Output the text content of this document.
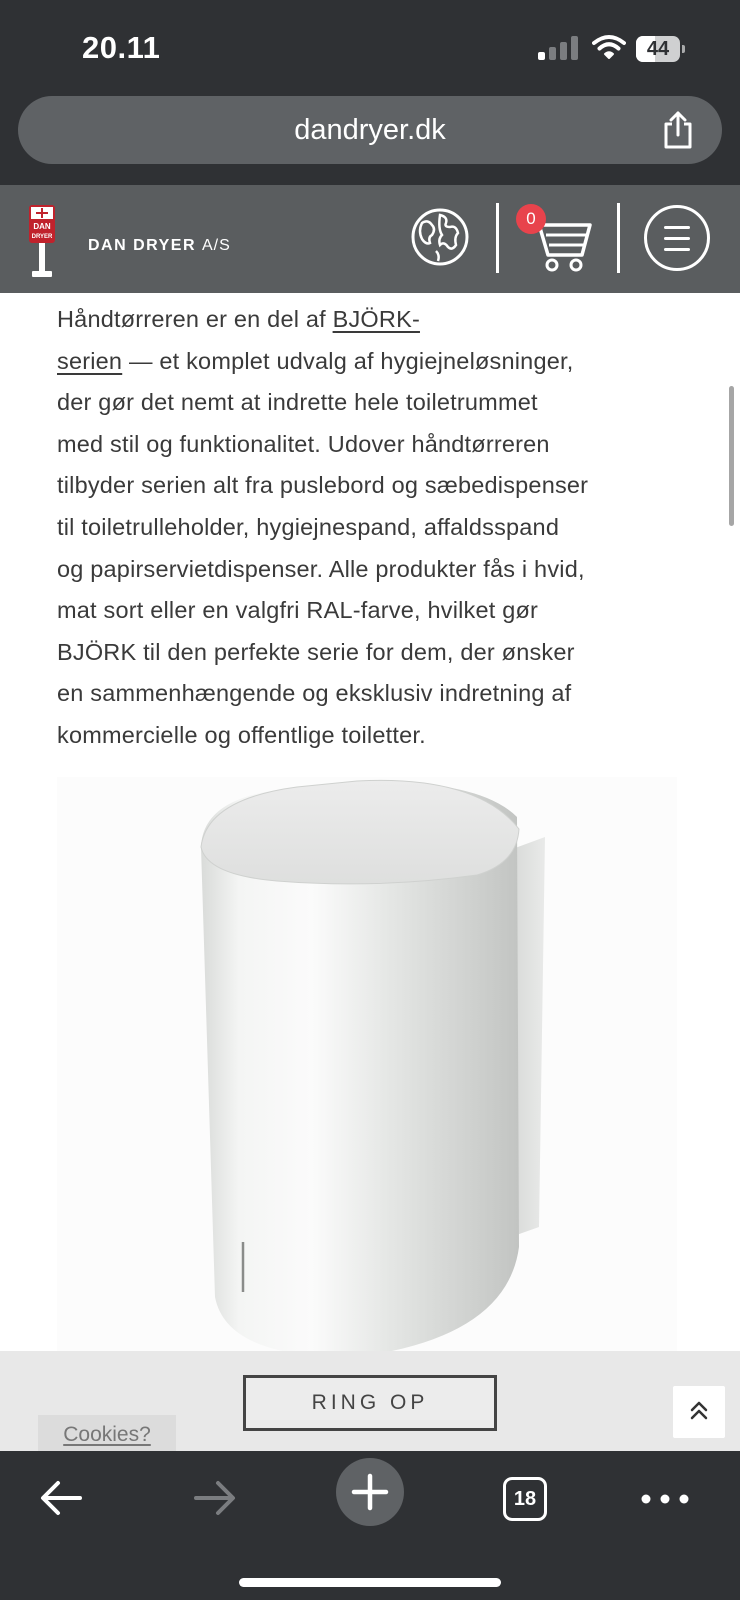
20.11	44
dandryer.dk
DAN
DRYER DAN DRYER A/S
0

Håndtørreren er en del af BJÖRK-

serien — et komplet udvalg af hygiejneløsninger,

der gør det nemt at indrette hele toiletrummet

med stil og funktionalitet. Udover håndtørreren

tilbyder serien alt fra puslebord og sæbedispenser

til toiletrulleholder, hygiejnespand, affaldsspand

og papirservietdispenser. Alle produkter fås i hvid,

mat sort eller en valgfri RAL-farve, hvilket gør

BJÖRK til den perfekte serie for dem, der ønsker

en sammenhængende og eksklusiv indretning af

kommercielle og offentlige toiletter.

RING OP
Cookies?
18
